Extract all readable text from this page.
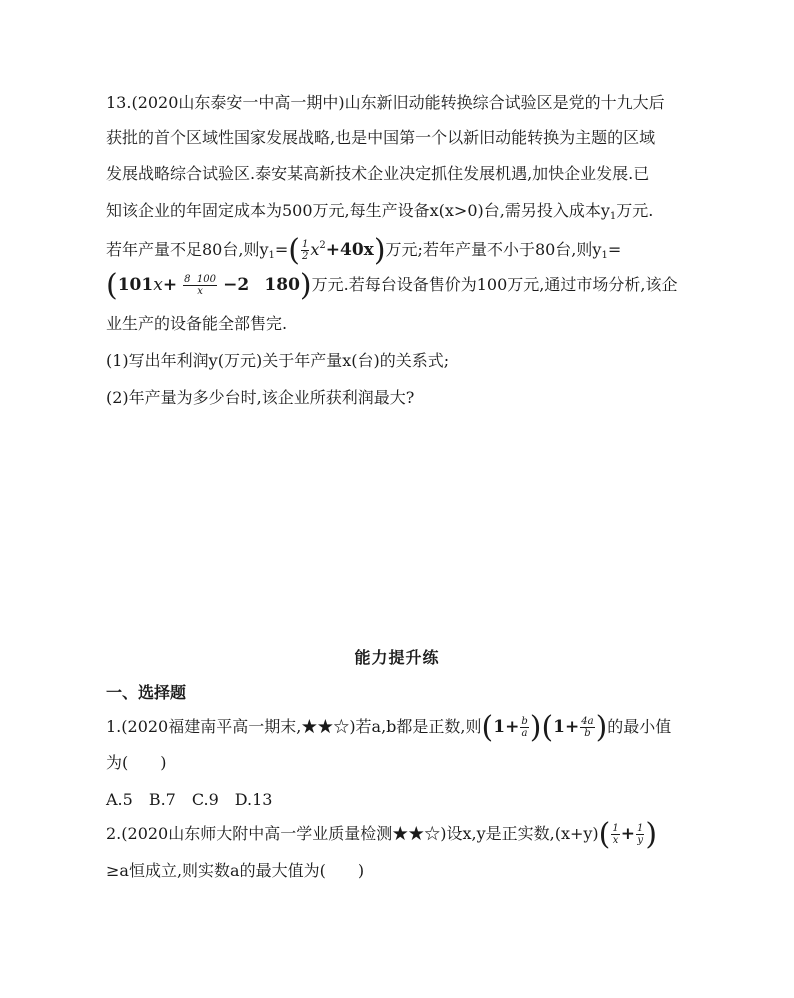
13.(2020山东泰安一中高一期中)山东新旧动能转换综合试验区是党的十九大后
获批的首个区域性国家发展战略,也是中国第一个以新旧动能转换为主题的区域
发展战略综合试验区.泰安某高新技术企业决定抓住发展机遇,加快企业发展.已
知该企业的年固定成本为500万元,每生产设备x(x>0)台,需另投入成本$y_1$万元.
若年产量不足80台,则$y_1=( \frac{1}{2} x^2+40x)$万元;若年产量不小于80台,则$y_1=$
($101x+ \frac{8 100}{x} -2$ 180)万元.若每台设备售价为100万元,通过市场分析,该企
业生产的设备能全部售完.
(1)写出年利润y(万元)关于年产量x(台)的关系式;
(2)年产量为多少台时,该企业所获利润最大?
能力提升练
一、选择题
1.(2020福建南平高一期末,★★☆)若a,b都是正数,则$(1+ \frac{b}{a} )(1+ \frac{4a}{b}$ )的最小值
为(　　)
A.5　B.7　C.9　D.13
2.(2020山东师大附中高一学业质量检测★★☆)设x,y是正实数$,(x+y)( \frac{1}{x} + \frac{1}{y}$ )
≥a恒成立,则实数a的最大值为(　　)
